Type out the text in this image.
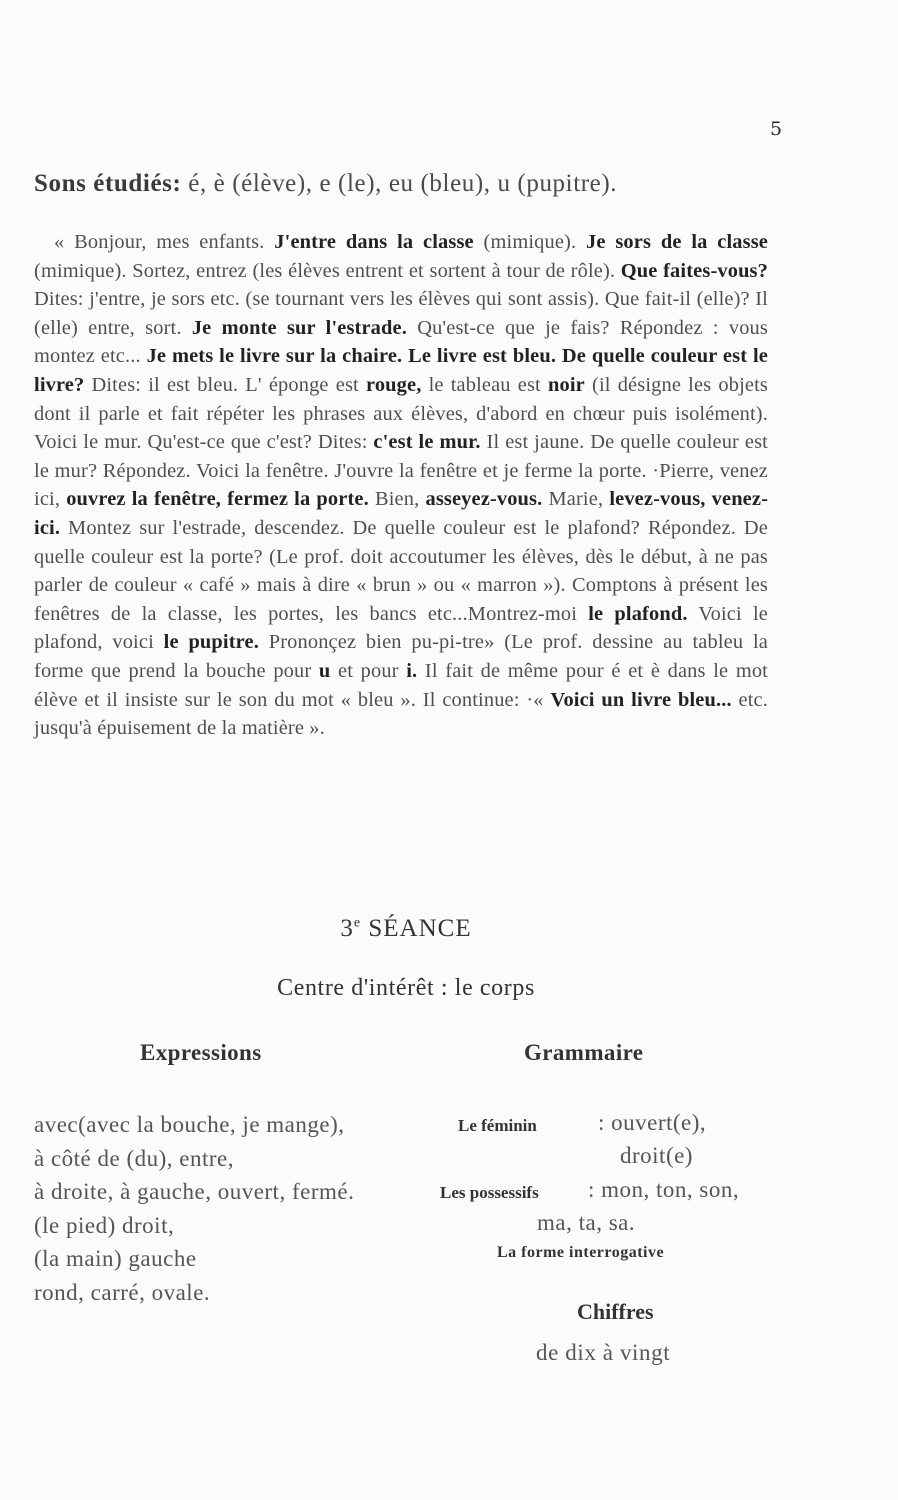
5
Sons étudiés: é, è (élève), e (le), eu (bleu), u (pupitre).
« Bonjour, mes enfants. J'entre dans la classe (mimique). Je sors de la classe (mimique). Sortez, entrez (les élèves entrent et sortent à tour de rôle). Que faites-vous? Dites: j'entre, je sors etc. (se tournant vers les élèves qui sont assis). Que fait-il (elle)? Il (elle) entre, sort. Je monte sur l'estrade. Qu'est-ce que je fais? Répondez : vous montez etc... Je mets le livre sur la chaire. Le livre est bleu. De quelle couleur est le livre? Dites: il est bleu. L' éponge est rouge, le tableau est noir (il désigne les objets dont il parle et fait répéter les phrases aux élèves, d'abord en chœur puis isolément). Voici le mur. Qu'est-ce que c'est? Dites: c'est le mur. Il est jaune. De quelle couleur est le mur? Répondez. Voici la fenêtre. J'ouvre la fenêtre et je ferme la porte. ·Pierre, venez ici, ouvrez la fenêtre, fermez la porte. Bien, asseyez-vous. Marie, levez-vous, venez-ici. Montez sur l'estrade, descendez. De quelle couleur est le plafond? Répondez. De quelle couleur est la porte? (Le prof. doit accoutumer les élèves, dès le début, à ne pas parler de couleur « café » mais à dire « brun » ou « marron »). Comptons à présent les fenêtres de la classe, les portes, les bancs etc...Montrez-moi le plafond. Voici le plafond, voici le pupitre. Prononçez bien pu-pi-tre» (Le prof. dessine au tableu la forme que prend la bouche pour u et pour i. Il fait de même pour é et è dans le mot élève et il insiste sur le son du mot « bleu ». Il continue: ·« Voici un livre bleu... etc. jusqu'à épuisement de la matière ».
3e SÉANCE
Centre d'intérêt : le corps
Expressions	Grammaire
avec(avec la bouche, je mange),
à côté de (du), entre,
à droite, à gauche, ouvert, fermé.
(le pied) droit,
(la main) gauche
rond, carré, ovale.
Le féminin	: ouvert(e),
droit(e)
Les possessifs : mon, ton, son,
ma, ta, sa.
La forme interrogative
Chiffres
de dix à vingt
